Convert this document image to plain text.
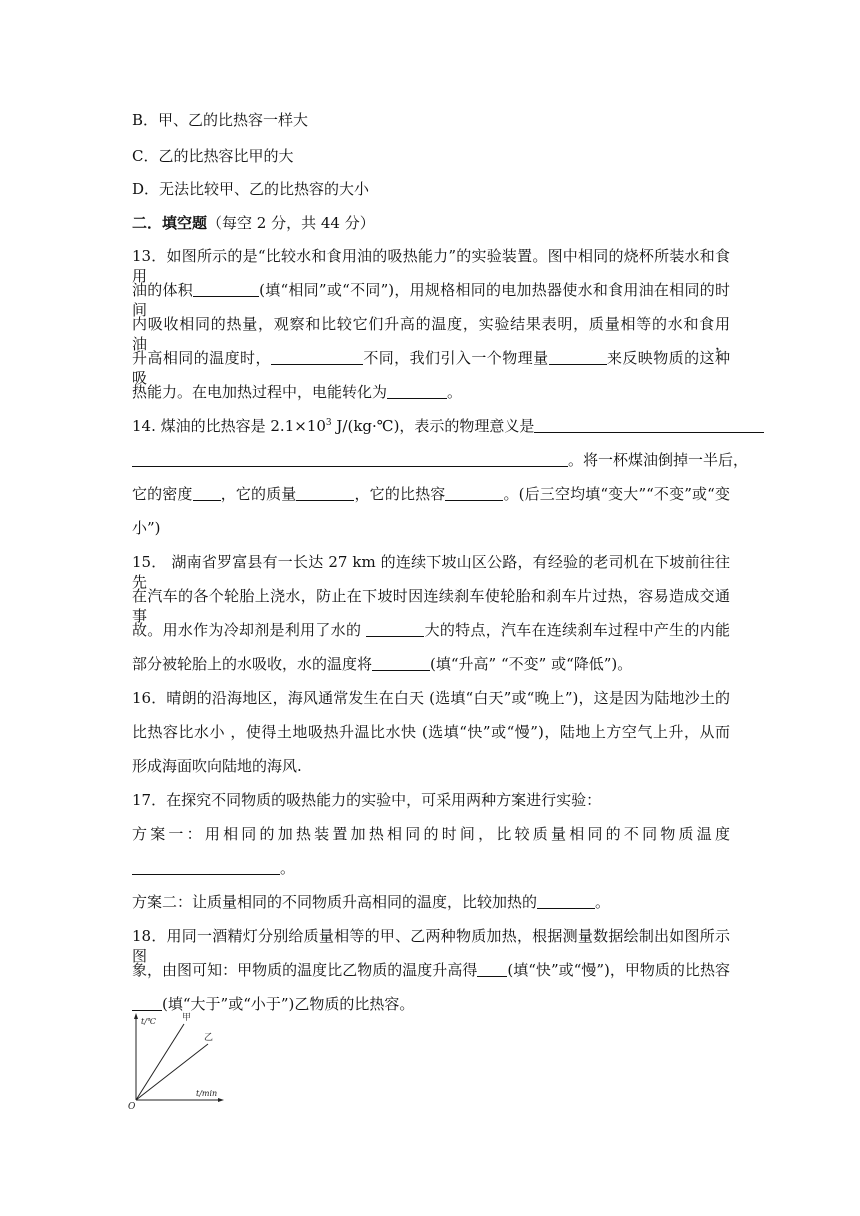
B．甲、乙的比热容一样大
C．乙的比热容比甲的大
D．无法比较甲、乙的比热容的大小
二．填空题（每空 2 分，共 44 分）
13．如图所示的是“比较水和食用油的吸热能力”的实验装置。图中相同的烧杯所装水和食用
油的体积	(填“相同”或“不同”)，用规格相同的电加热器使水和食用油在相同的时间
内吸收相同的热量，观察和比较它们升高的温度，实验结果表明，质量相等的水和食用油，
升高相同的温度时，	不同，我们引入一个物理量	来反映物质的这种吸
热能力。在电加热过程中，电能转化为	。
14. 煤油的比热容是 $2.1\times 10^3$ J/(kg·℃)，表示的物理意义是
。将一杯煤油倒掉一半后，
它的密度 ，它的质量	，它的比热容	。(后三空均填“变大”“不变”或“变
小”)
15． 湖南省罗富县有一长达 27 km 的连续下坡山区公路，有经验的老司机在下坡前往往先
在汽车的各个轮胎上浇水，防止在下坡时因连续刹车使轮胎和刹车片过热，容易造成交通事
故。用水作为冷却剂是利用了水的	大的特点，汽车在连续刹车过程中产生的内能
部分被轮胎上的水吸收，水的温度将	(填“升高” “不变” 或“降低”)。
16．晴朗的沿海地区，海风通常发生在白天 (选填“白天”或“晚上”)，这是因为陆地沙土的
比热容比水小 ，使得土地吸热升温比水快 (选填“快”或“慢”)，陆地上方空气上升，从而
形成海面吹向陆地的海风.
17．在探究不同物质的吸热能力的实验中，可采用两种方案进行实验：
方案一：用相同的加热装置加热相同的时间，比较质量相同的不同物质温度
。
方案二：让质量相同的不同物质升高相同的温度，比较加热的	。
18．用同一酒精灯分别给质量相等的甲、乙两种物质加热，根据测量数据绘制出如图所示图
象，由图可知：甲物质的温度比乙物质的温度升高得 (填“快”或“慢”)，甲物质的比热容
(填“大于”或“小于”)乙物质的比热容。
t/℃
t/min
O
甲
乙
